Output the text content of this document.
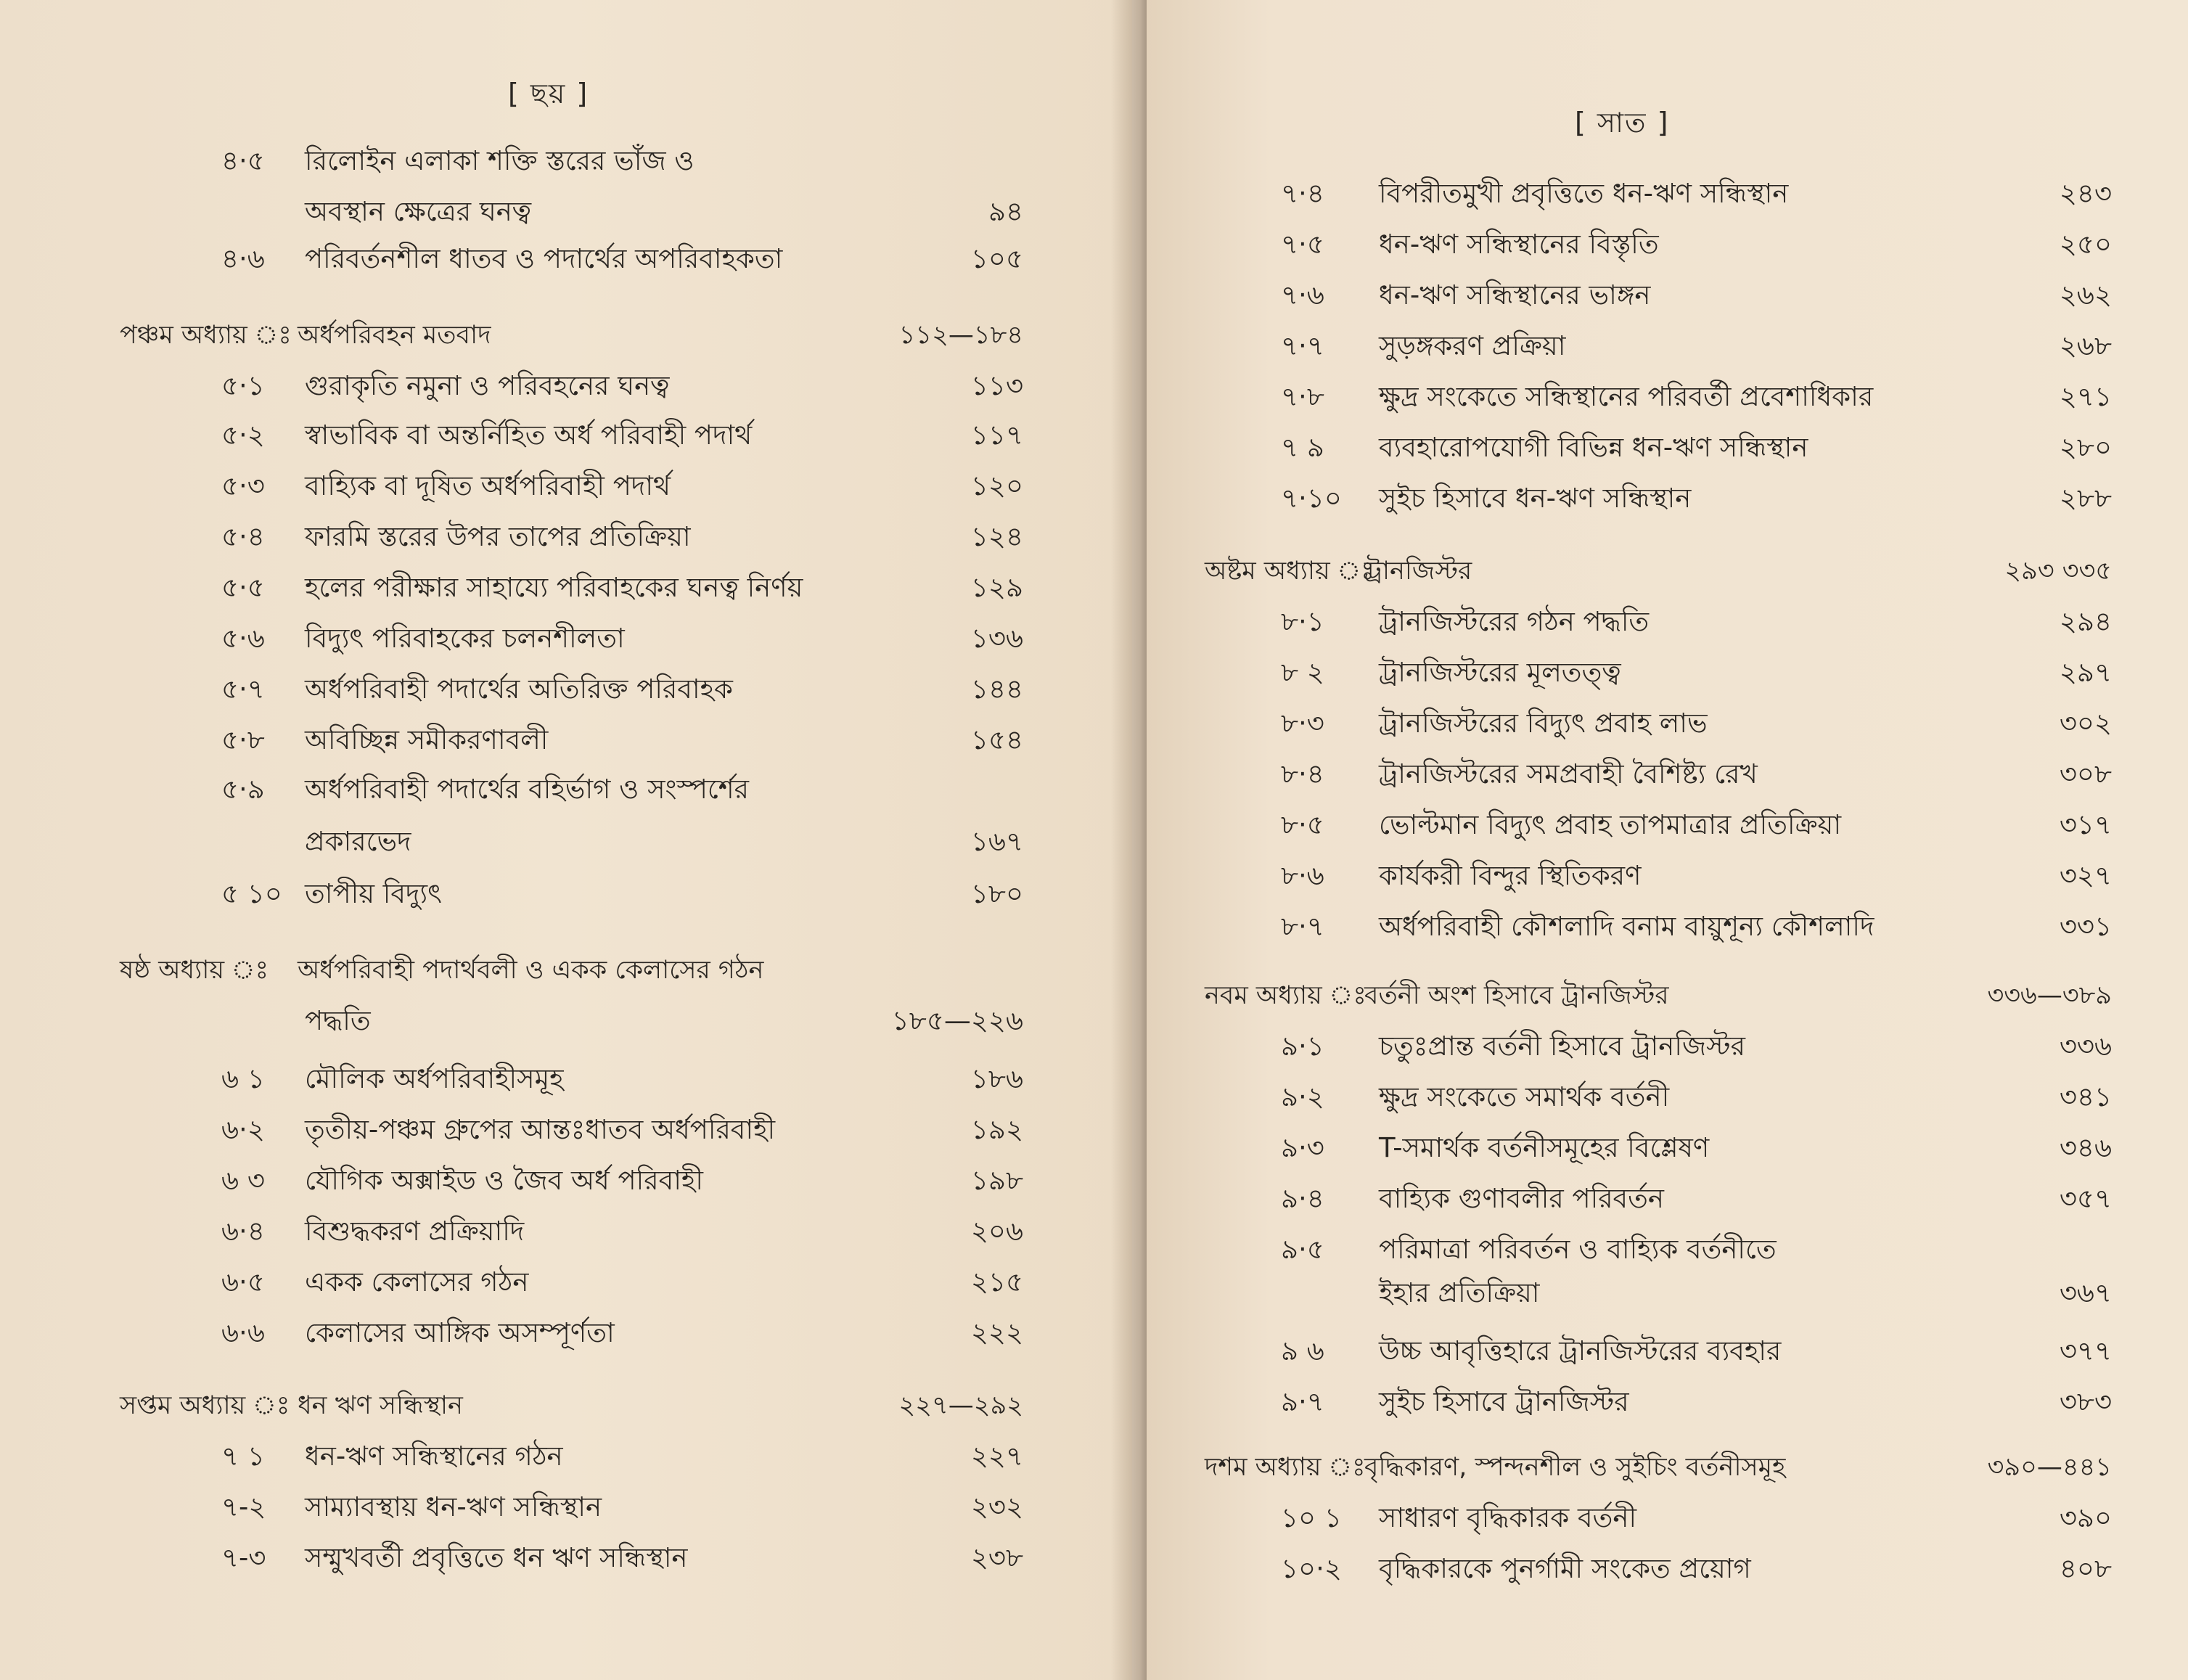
[ ছয় ]
৪·৫ রিলোইন এলাকা শক্তি স্তরের ভাঁজ ও
অবস্থান ক্ষেত্রের ঘনত্ব	৯৪
৪·৬ পরিবর্তনশীল ধাতব ও পদার্থের অপরিবাহকতা	১০৫
পঞ্চম অধ্যায় ঃ অর্ধপরিবহন মতবাদ	১১২—১৮৪
৫·১ গুরাকৃতি নমুনা ও পরিবহনের ঘনত্ব	১১৩
৫·২ স্বাভাবিক বা অন্তর্নিহিত অর্ধ পরিবাহী পদার্থ	১১৭
৫·৩ বাহ্যিক বা দূষিত অর্ধপরিবাহী পদার্থ	১২০
৫·৪ ফারমি স্তরের উপর তাপের প্রতিক্রিয়া	১২৪
৫·৫ হলের পরীক্ষার সাহায্যে পরিবাহকের ঘনত্ব নির্ণয়	১২৯
৫·৬ বিদ্যুৎ পরিবাহকের চলনশীলতা	১৩৬
৫·৭ অর্ধপরিবাহী পদার্থের অতিরিক্ত পরিবাহক	১৪৪
৫·৮ অবিচ্ছিন্ন সমীকরণাবলী	১৫৪
৫·৯ অর্ধপরিবাহী পদার্থের বহির্ভাগ ও সংস্পর্শের
প্রকারভেদ	১৬৭
৫ ১০ তাপীয় বিদ্যুৎ	১৮০
ষষ্ঠ অধ্যায় ঃ অর্ধপরিবাহী পদার্থবলী ও একক কেলাসের গঠন
পদ্ধতি	১৮৫—২২৬
৬ ১ মৌলিক অর্ধপরিবাহীসমূহ	১৮৬
৬·২ তৃতীয়-পঞ্চম গ্রুপের আন্তঃধাতব অর্ধপরিবাহী	১৯২
৬ ৩ যৌগিক অক্সাইড ও জৈব অর্ধ পরিবাহী	১৯৮
৬·৪ বিশুদ্ধকরণ প্রক্রিয়াদি	২০৬
৬·৫ একক কেলাসের গঠন	২১৫
৬·৬ কেলাসের আঙ্গিক অসম্পূর্ণতা	২২২
সপ্তম অধ্যায় ঃ ধন ঋণ সন্ধিস্থান	২২৭—২৯২
৭ ১ ধন-ঋণ সন্ধিস্থানের গঠন	২২৭
৭-২ সাম্যাবস্থায় ধন-ঋণ সন্ধিস্থান	২৩২
৭-৩ সম্মুখবর্তী প্রবৃত্তিতে ধন ঋণ সন্ধিস্থান	২৩৮
[ সাত ]
৭·৪ বিপরীতমুখী প্রবৃত্তিতে ধন-ঋণ সন্ধিস্থান	২৪৩
৭·৫ ধন-ঋণ সন্ধিস্থানের বিস্তৃতি	২৫০
৭·৬ ধন-ঋণ সন্ধিস্থানের ভাঙ্গন	২৬২
৭·৭ সুড়ঙ্গকরণ প্রক্রিয়া	২৬৮
৭·৮ ক্ষুদ্র সংকেতে সন্ধিস্থানের পরিবর্তী প্রবেশাধিকার	২৭১
৭ ৯ ব্যবহারোপযোগী বিভিন্ন ধন-ঋণ সন্ধিস্থান	২৮০
৭·১০ সুইচ হিসাবে ধন-ঋণ সন্ধিস্থান	২৮৮
অষ্টম অধ্যায় ঃ
ট্রানজিস্টর	২৯৩ ৩৩৫
৮·১ ট্রানজিস্টরের গঠন পদ্ধতি	২৯৪
৮ ২ ট্রানজিস্টরের মূলতত্ত্ব	২৯৭
৮·৩ ট্রানজিস্টরের বিদ্যুৎ প্রবাহ লাভ	৩০২
৮·৪ ট্রানজিস্টরের সমপ্রবাহী বৈশিষ্ট্য রেখ	৩০৮
৮·৫ ভোল্টমান বিদ্যুৎ প্রবাহ তাপমাত্রার প্রতিক্রিয়া	৩১৭
৮·৬ কার্যকরী বিন্দুর স্থিতিকরণ	৩২৭
৮·৭ অর্ধপরিবাহী কৌশলাদি বনাম বায়ুশূন্য কৌশলাদি	৩৩১
নবম অধ্যায় ঃ
বর্তনী অংশ হিসাবে ট্রানজিস্টর	৩৩৬—৩৮৯
৯·১ চতুঃপ্রান্ত বর্তনী হিসাবে ট্রানজিস্টর	৩৩৬
৯·২ ক্ষুদ্র সংকেতে সমার্থক বর্তনী	৩৪১
৯·৩ T-সমার্থক বর্তনীসমূহের বিশ্লেষণ	৩৪৬
৯·৪ বাহ্যিক গুণাবলীর পরিবর্তন	৩৫৭
৯·৫ পরিমাত্রা পরিবর্তন ও বাহ্যিক বর্তনীতে
ইহার প্রতিক্রিয়া	৩৬৭
৯ ৬ উচ্চ আবৃত্তিহারে ট্রানজিস্টরের ব্যবহার	৩৭৭
৯·৭ সুইচ হিসাবে ট্রানজিস্টর	৩৮৩
দশম অধ্যায় ঃ
বৃদ্ধিকারণ, স্পন্দনশীল ও সুইচিং বর্তনীসমূহ	৩৯০—৪৪১
১০ ১ সাধারণ বৃদ্ধিকারক বর্তনী	৩৯০
১০·২ বৃদ্ধিকারকে পুনর্গামী সংকেত প্রয়োগ	৪০৮
